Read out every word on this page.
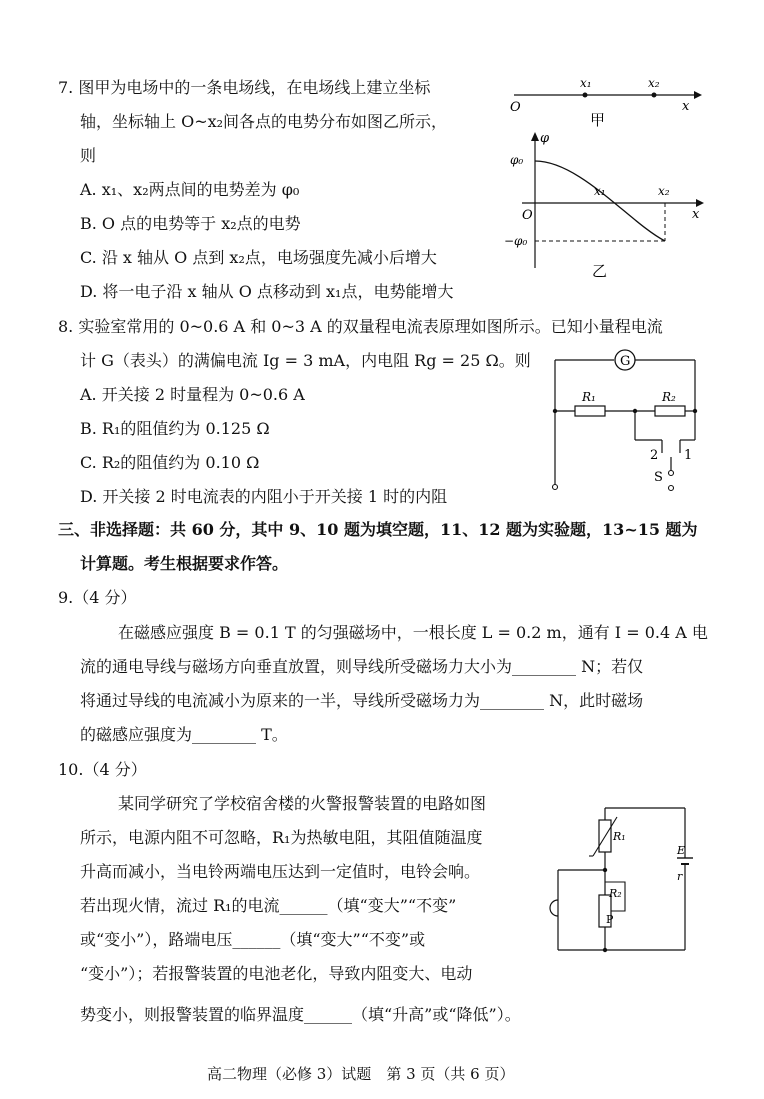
7. 图甲为电场中的一条电场线，在电场线上建立坐标
轴，坐标轴上 O~x₂间各点的电势分布如图乙所示，
则
A. x₁、x₂两点间的电势差为 φ₀
B. O 点的电势等于 x₂点的电势
C. 沿 x 轴从 O 点到 x₂点，电场强度先减小后增大
D. 将一电子沿 x 轴从 O 点移动到 x₁点，电势能增大
O
x₁	x₂
x
甲
φ
φ₀
−φ₀
O
x₁	x₂
x
乙
8. 实验室常用的 0~0.6 A 和 0~3 A 的双量程电流表原理如图所示。已知小量程电流
计 G（表头）的满偏电流 Ig = 3 mA，内电阻 Rg = 25 Ω。则
A. 开关接 2 时量程为 0~0.6 A
B. R₁的阻值约为 0.125 Ω
C. R₂的阻值约为 0.10 Ω
D. 开关接 2 时电流表的内阻小于开关接 1 时的内阻
G
R₁	R₂
2 1
S
三、非选择题：共 60 分，其中 9、10 题为填空题，11、12 题为实验题，13~15 题为
计算题。考生根据要求作答。
9.（4 分）
在磁感应强度 B = 0.1 T 的匀强磁场中，一根长度 L = 0.2 m，通有 I = 0.4 A 电
流的通电导线与磁场方向垂直放置，则导线所受磁场力大小为________ N；若仅
将通过导线的电流减小为原来的一半，导线所受磁场力为________ N，此时磁场
的磁感应强度为________ T。
10.（4 分）
某同学研究了学校宿舍楼的火警报警装置的电路如图
所示，电源内阻不可忽略，R₁为热敏电阻，其阻值随温度
升高而减小，当电铃两端电压达到一定值时，电铃会响。
若出现火情，流过 R₁的电流______（填“变大”“不变”
或“变小”），路端电压______（填“变大”“不变”或
“变小”）；若报警装置的电池老化，导致内阻变大、电动
势变小，则报警装置的临界温度______（填“升高”或“降低”）。
R₁
R₂
P
E
r
高二物理（必修 3）试题　第 3 页（共 6 页）
